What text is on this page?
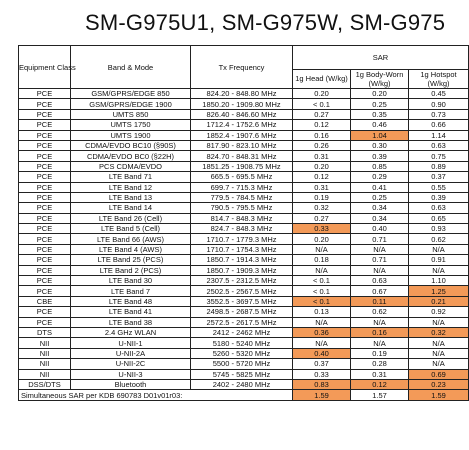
SM-G975U1, SM-G975W, SM-G975
Equipment Class	Band & Mode	Tx Frequency	SAR		
			1g Head (W/kg)	1g Body-Worn (W/kg)	1g Hotspot (W/kg)
PCE	GSM/GPRS/EDGE 850	824.20 - 848.80 MHz	0.20	0.20	0.45
PCE	GSM/GPRS/EDGE 1900	1850.20 - 1909.80 MHz	< 0.1	0.25	0.90
PCE	UMTS 850	826.40 - 846.60 MHz	0.27	0.35	0.73
PCE	UMTS 1750	1712.4 - 1752.6 MHz	0.12	0.46	0.66
PCE	UMTS 1900	1852.4 - 1907.6 MHz	0.16	1.04	1.14
PCE	CDMA/EVDO BC10 (§90S)	817.90 - 823.10 MHz	0.26	0.30	0.63
PCE	CDMA/EVDO BC0 (§22H)	824.70 - 848.31 MHz	0.31	0.39	0.75
PCE	PCS CDMA/EVDO	1851.25 - 1908.75 MHz	0.20	0.85	0.89
PCE	LTE Band 71	665.5 - 695.5 MHz	0.12	0.29	0.37
PCE	LTE Band 12	699.7 - 715.3 MHz	0.31	0.41	0.55
PCE	LTE Band 13	779.5 - 784.5 MHz	0.19	0.25	0.39
PCE	LTE Band 14	790.5 - 795.5 MHz	0.32	0.34	0.63
PCE	LTE Band 26 (Cell)	814.7 - 848.3 MHz	0.27	0.34	0.65
PCE	LTE Band 5 (Cell)	824.7 - 848.3 MHz	0.33	0.40	0.93
PCE	LTE Band 66 (AWS)	1710.7 - 1779.3 MHz	0.20	0.71	0.62
PCE	LTE Band 4 (AWS)	1710.7 - 1754.3 MHz	N/A	N/A	N/A
PCE	LTE Band 25 (PCS)	1850.7 - 1914.3 MHz	0.18	0.71	0.91
PCE	LTE Band 2 (PCS)	1850.7 - 1909.3 MHz	N/A	N/A	N/A
PCE	LTE Band 30	2307.5 - 2312.5 MHz	< 0.1	0.63	1.10
PCE	LTE Band 7	2502.5 - 2567.5 MHz	< 0.1	0.67	1.25
CBE	LTE Band 48	3552.5 - 3697.5 MHz	< 0.1	0.11	0.21
PCE	LTE Band 41	2498.5 - 2687.5 MHz	0.13	0.62	0.92
PCE	LTE Band 38	2572.5 - 2617.5 MHz	N/A	N/A	N/A
DTS	2.4 GHz WLAN	2412 - 2462 MHz	0.36	0.16	0.32
NII	U-NII-1	5180 - 5240 MHz	N/A	N/A	N/A
NII	U-NII-2A	5260 - 5320 MHz	0.40	0.19	N/A
NII	U-NII-2C	5500 - 5720 MHz	0.37	0.28	N/A
NII	U-NII-3	5745 - 5825 MHz	0.33	0.31	0.69
DSS/DTS	Bluetooth	2402 - 2480 MHz	0.83	0.12	0.23
Simultaneous SAR per KDB 690783 D01v01r03:			1.59	1.57	1.59
